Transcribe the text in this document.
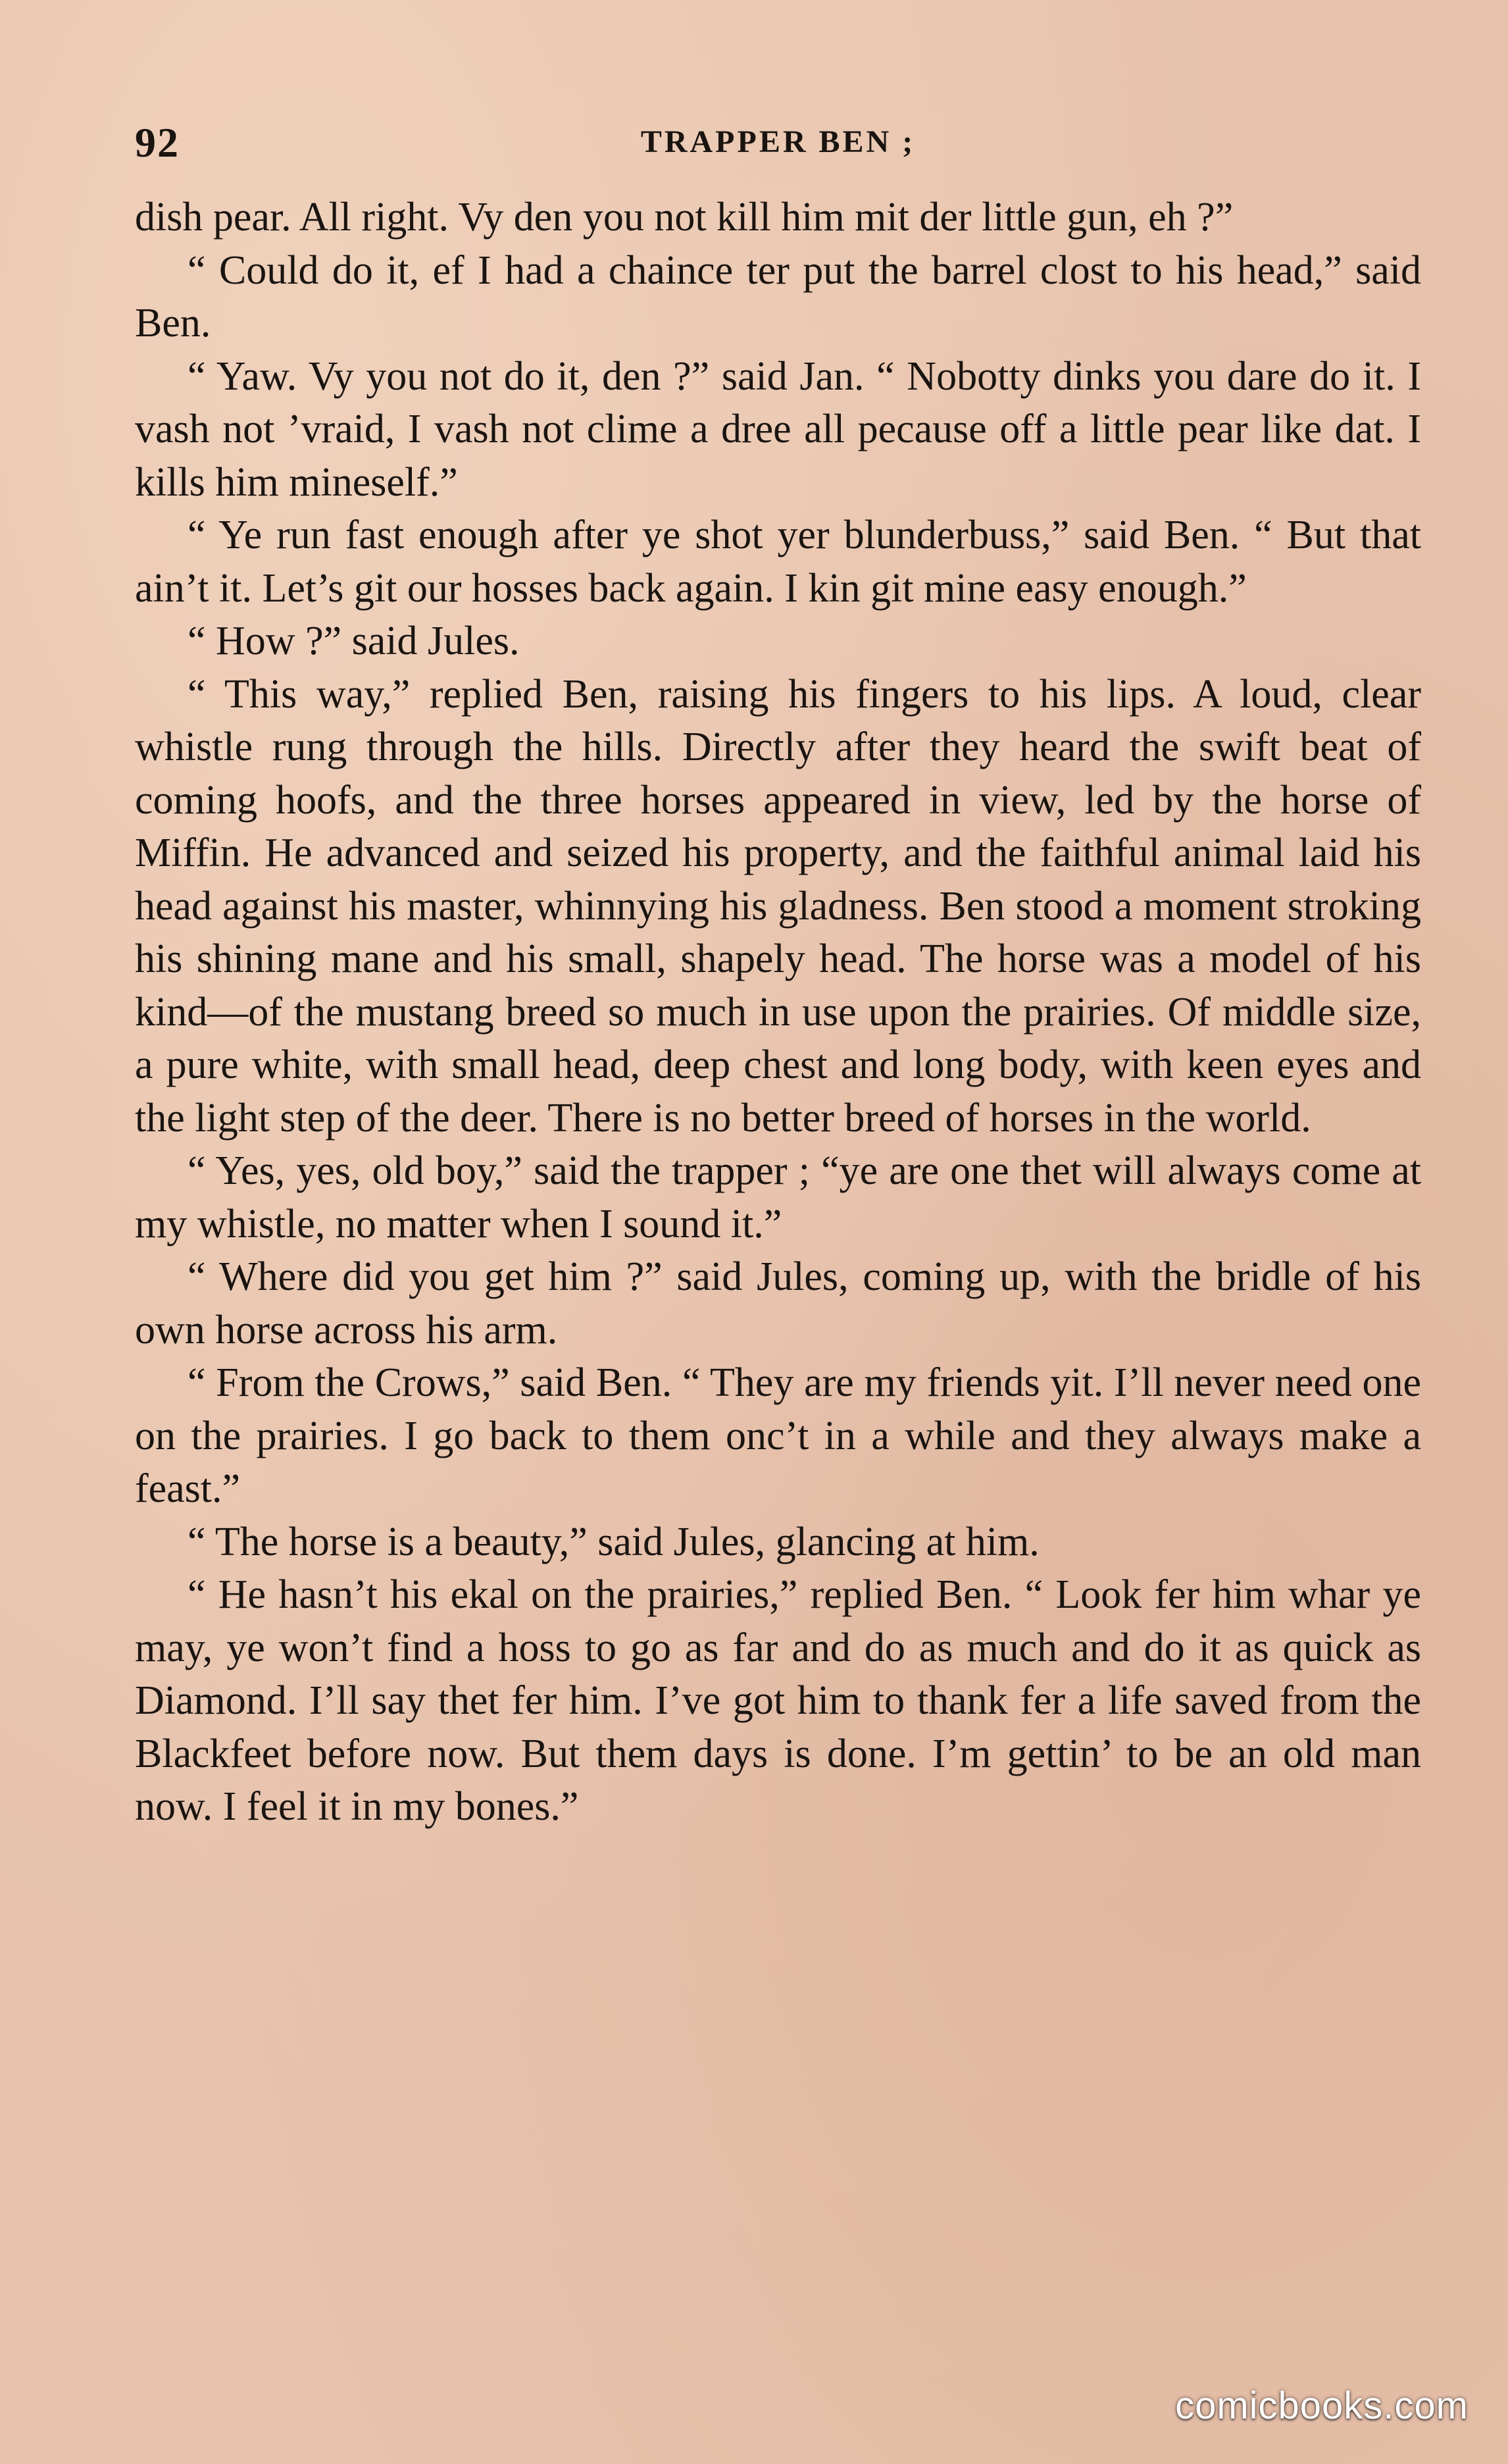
92	TRAPPER BEN ;

dish pear. All right. Vy den you not kill him mit der little gun, eh ?”

“ Could do it, ef I had a chaince ter put the barrel clost to his head,” said Ben.

“ Yaw. Vy you not do it, den ?” said Jan. “ Nobotty dinks you dare do it. I vash not ’vraid, I vash not clime a dree all pecause off a little pear like dat. I kills him mineself.”

“ Ye run fast enough after ye shot yer blunderbuss,” said Ben. “ But that ain’t it. Let’s git our hosses back again. I kin git mine easy enough.”

“ How ?” said Jules.

“ This way,” replied Ben, raising his fingers to his lips. A loud, clear whistle rung through the hills. Directly after they heard the swift beat of coming hoofs, and the three horses appeared in view, led by the horse of Miffin. He advanced and seized his property, and the faithful animal laid his head against his master, whinnying his gladness. Ben stood a moment stroking his shining mane and his small, shapely head. The horse was a model of his kind—of the mustang breed so much in use upon the prairies. Of middle size, a pure white, with small head, deep chest and long body, with keen eyes and the light step of the deer. There is no better breed of horses in the world.

“ Yes, yes, old boy,” said the trapper ; “ye are one thet will always come at my whistle, no matter when I sound it.”

“ Where did you get him ?” said Jules, coming up, with the bridle of his own horse across his arm.

“ From the Crows,” said Ben. “ They are my friends yit. I’ll never need one on the prairies. I go back to them onc’t in a while and they always make a feast.”

“ The horse is a beauty,” said Jules, glancing at him.

“ He hasn’t his ekal on the prairies,” replied Ben. “ Look fer him whar ye may, ye won’t find a hoss to go as far and do as much and do it as quick as Diamond. I’ll say thet fer him. I’ve got him to thank fer a life saved from the Blackfeet before now. But them days is done. I’m gettin’ to be an old man now. I feel it in my bones.”

comicbooks.com
